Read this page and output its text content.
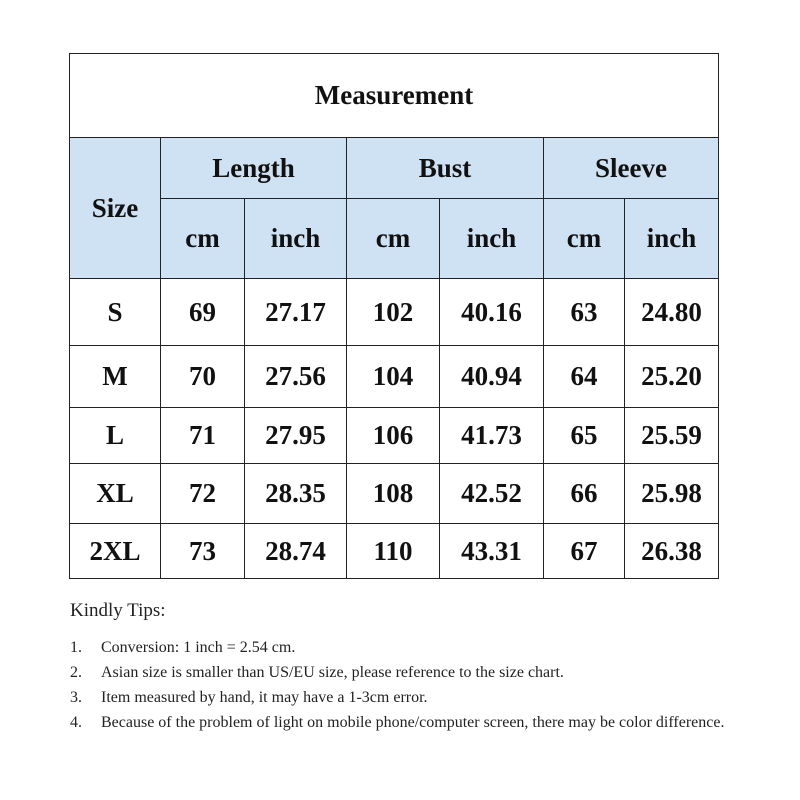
Measurement						
Size	Length		Bust		Sleeve	
	cm	inch	cm	inch	cm	inch
S	69	27.17	102	40.16	63	24.80
M	70	27.56	104	40.94	64	25.20
L	71	27.95	106	41.73	65	25.59
XL	72	28.35	108	42.52	66	25.98
2XL	73	28.74	110	43.31	67	26.38
Kindly Tips:
1. Conversion: 1 inch = 2.54 cm.
2. Asian size is smaller than US/EU size, please reference to the size chart.
3. Item measured by hand, it may have a 1-3cm error.
4. Because of the problem of light on mobile phone/computer screen, there may be color difference.
